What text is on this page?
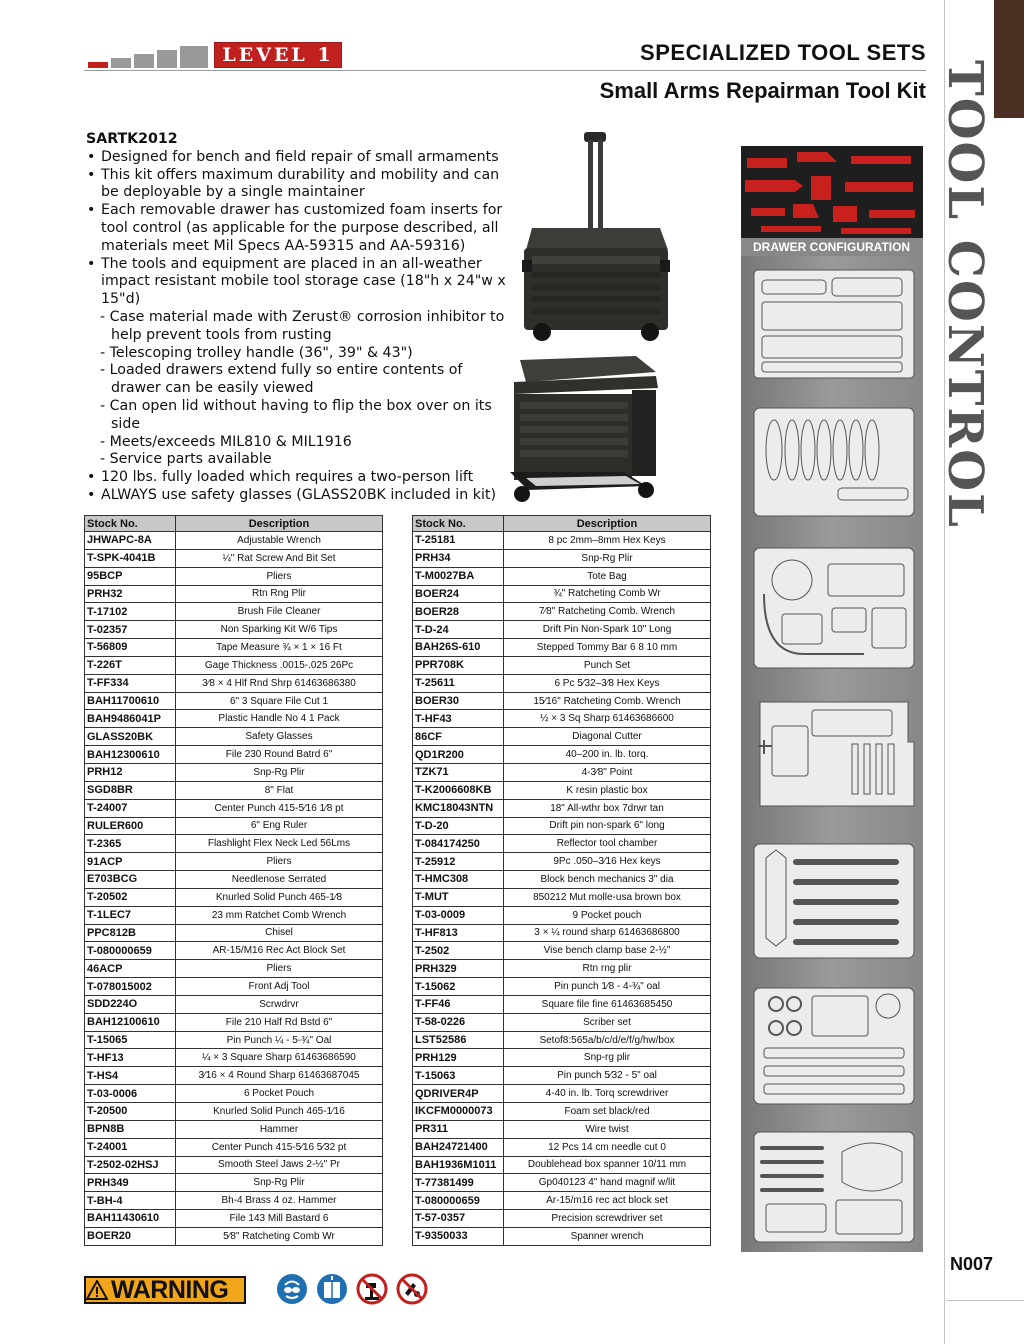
LEVEL 1	SPECIALIZED TOOL SETS
Small Arms Repairman Tool Kit TOOL CONTROL
N007
SARTK2012
• Designed for bench and field repair of small armaments
• This kit offers maximum durability and mobility and can be deployable by a single maintainer
• Each removable drawer has customized foam inserts for tool control (as applicable for the purpose described, all materials meet Mil Specs AA-59315 and AA-59316)
• The tools and equipment are placed in an all-weather impact resistant mobile tool storage case (18"h x 24"w x 15"d)
- Case material made with Zerust® corrosion inhibitor to help prevent tools from rusting
- Telescoping trolley handle (36", 39" & 43")
- Loaded drawers extend fully so entire contents of drawer can be easily viewed
- Can open lid without having to flip the box over on its side
- Meets/exceeds MIL810 & MIL1916
- Service parts available
• 120 lbs. fully loaded which requires a two-person lift
• ALWAYS use safety glasses (GLASS20BK included in kit)
DRAWER CONFIGURATION
Stock No.	Description
JHWAPC-8A	Adjustable Wrench
T-SPK-4041B	¼" Rat Screw And Bit Set
95BCP	Pliers
PRH32	Rtn Rng Plir
T-17102	Brush File Cleaner
T-02357	Non Sparking Kit W/6 Tips
T-56809	Tape Measure ¾ × 1 × 16 Ft
T-226T	Gage Thickness .0015-.025 26Pc
T-FF334	3⁄8 × 4 Hlf Rnd Shrp 61463686380
BAH11700610	6" 3 Square File Cut 1
BAH9486041P	Plastic Handle No 4 1 Pack
GLASS20BK	Safety Glasses
BAH12300610	File 230 Round Batrd 6"
PRH12	Snp-Rg Plir
SGD8BR	8" Flat
T-24007	Center Punch 415-5⁄16 1⁄8 pt
RULER600	6" Eng Ruler
T-2365	Flashlight Flex Neck Led 56Lms
91ACP	Pliers
E703BCG	Needlenose Serrated
T-20502	Knurled Solid Punch 465-1⁄8
T-1LEC7	23 mm Ratchet Comb Wrench
PPC812B	Chisel
T-080000659	AR-15/M16 Rec Act Block Set
46ACP	Pliers
T-078015002	Front Adj Tool
SDD224O	Scrwdrvr
BAH12100610	File 210 Half Rd Bstd 6"
T-15065	Pin Punch ¼ - 5-¾" Oal
T-HF13	¼ × 3 Square Sharp 61463686590
T-HS4	3⁄16 × 4 Round Sharp 61463687045
T-03-0006	6 Pocket Pouch
T-20500	Knurled Solid Punch 465-1⁄16
BPN8B	Hammer
T-24001	Center Punch 415-5⁄16 5⁄32 pt
T-2502-02HSJ	Smooth Steel Jaws 2-½" Pr
PRH349	Snp-Rg Plir
T-BH-4	Bh-4 Brass 4 oz. Hammer
BAH11430610	File 143 Mill Bastard 6
BOER20	5⁄8" Ratcheting Comb Wr
Stock No.	Description
T-25181	8 pc 2mm–8mm Hex Keys
PRH34	Snp-Rg Plir
T-M0027BA	Tote Bag
BOER24	¾" Ratcheting Comb Wr
BOER28	7⁄8" Ratcheting Comb. Wrench
T-D-24	Drift Pin Non-Spark 10" Long
BAH26S-610	Stepped Tommy Bar 6 8 10 mm
PPR708K	Punch Set
T-25611	6 Pc 5⁄32–3⁄8 Hex Keys
BOER30	15⁄16" Ratcheting Comb. Wrench
T-HF43	½ × 3 Sq Sharp 61463686600
86CF	Diagonal Cutter
QD1R200	40–200 in. lb. torq.
TZK71	4-3⁄8" Point
T-K2006608KB	K resin plastic box
KMC18043NTN	18" All-wthr box 7drwr tan
T-D-20	Drift pin non-spark 6" long
T-084174250	Reflector tool chamber
T-25912	9Pc .050–3⁄16 Hex keys
T-HMC308	Block bench mechanics 3" dia
T-MUT	850212 Mut molle-usa brown box
T-03-0009	9 Pocket pouch
T-HF813	3 × ¼ round sharp 61463686800
T-2502	Vise bench clamp base 2-½"
PRH329	Rtn rng plir
T-15062	Pin punch 1⁄8 - 4-¾" oal
T-FF46	Square file fine 61463685450
T-58-0226	Scriber set
LST52586	Setof8:565a/b/c/d/e/f/g/hw/box
PRH129	Snp-rg plir
T-15063	Pin punch 5⁄32 - 5" oal
QDRIVER4P	4-40 in. lb. Torq screwdriver
IKCFM0000073	Foam set black/red
PR311	Wire twist
BAH24721400	12 Pcs 14 cm needle cut 0
BAH1936M1011	Doublehead box spanner 10/11 mm
T-77381499	Gp040123 4" hand magnif w/lit
T-080000659	Ar-15/m16 rec act block set
T-57-0357	Precision screwdriver set
T-9350033	Spanner wrench
WARNING
